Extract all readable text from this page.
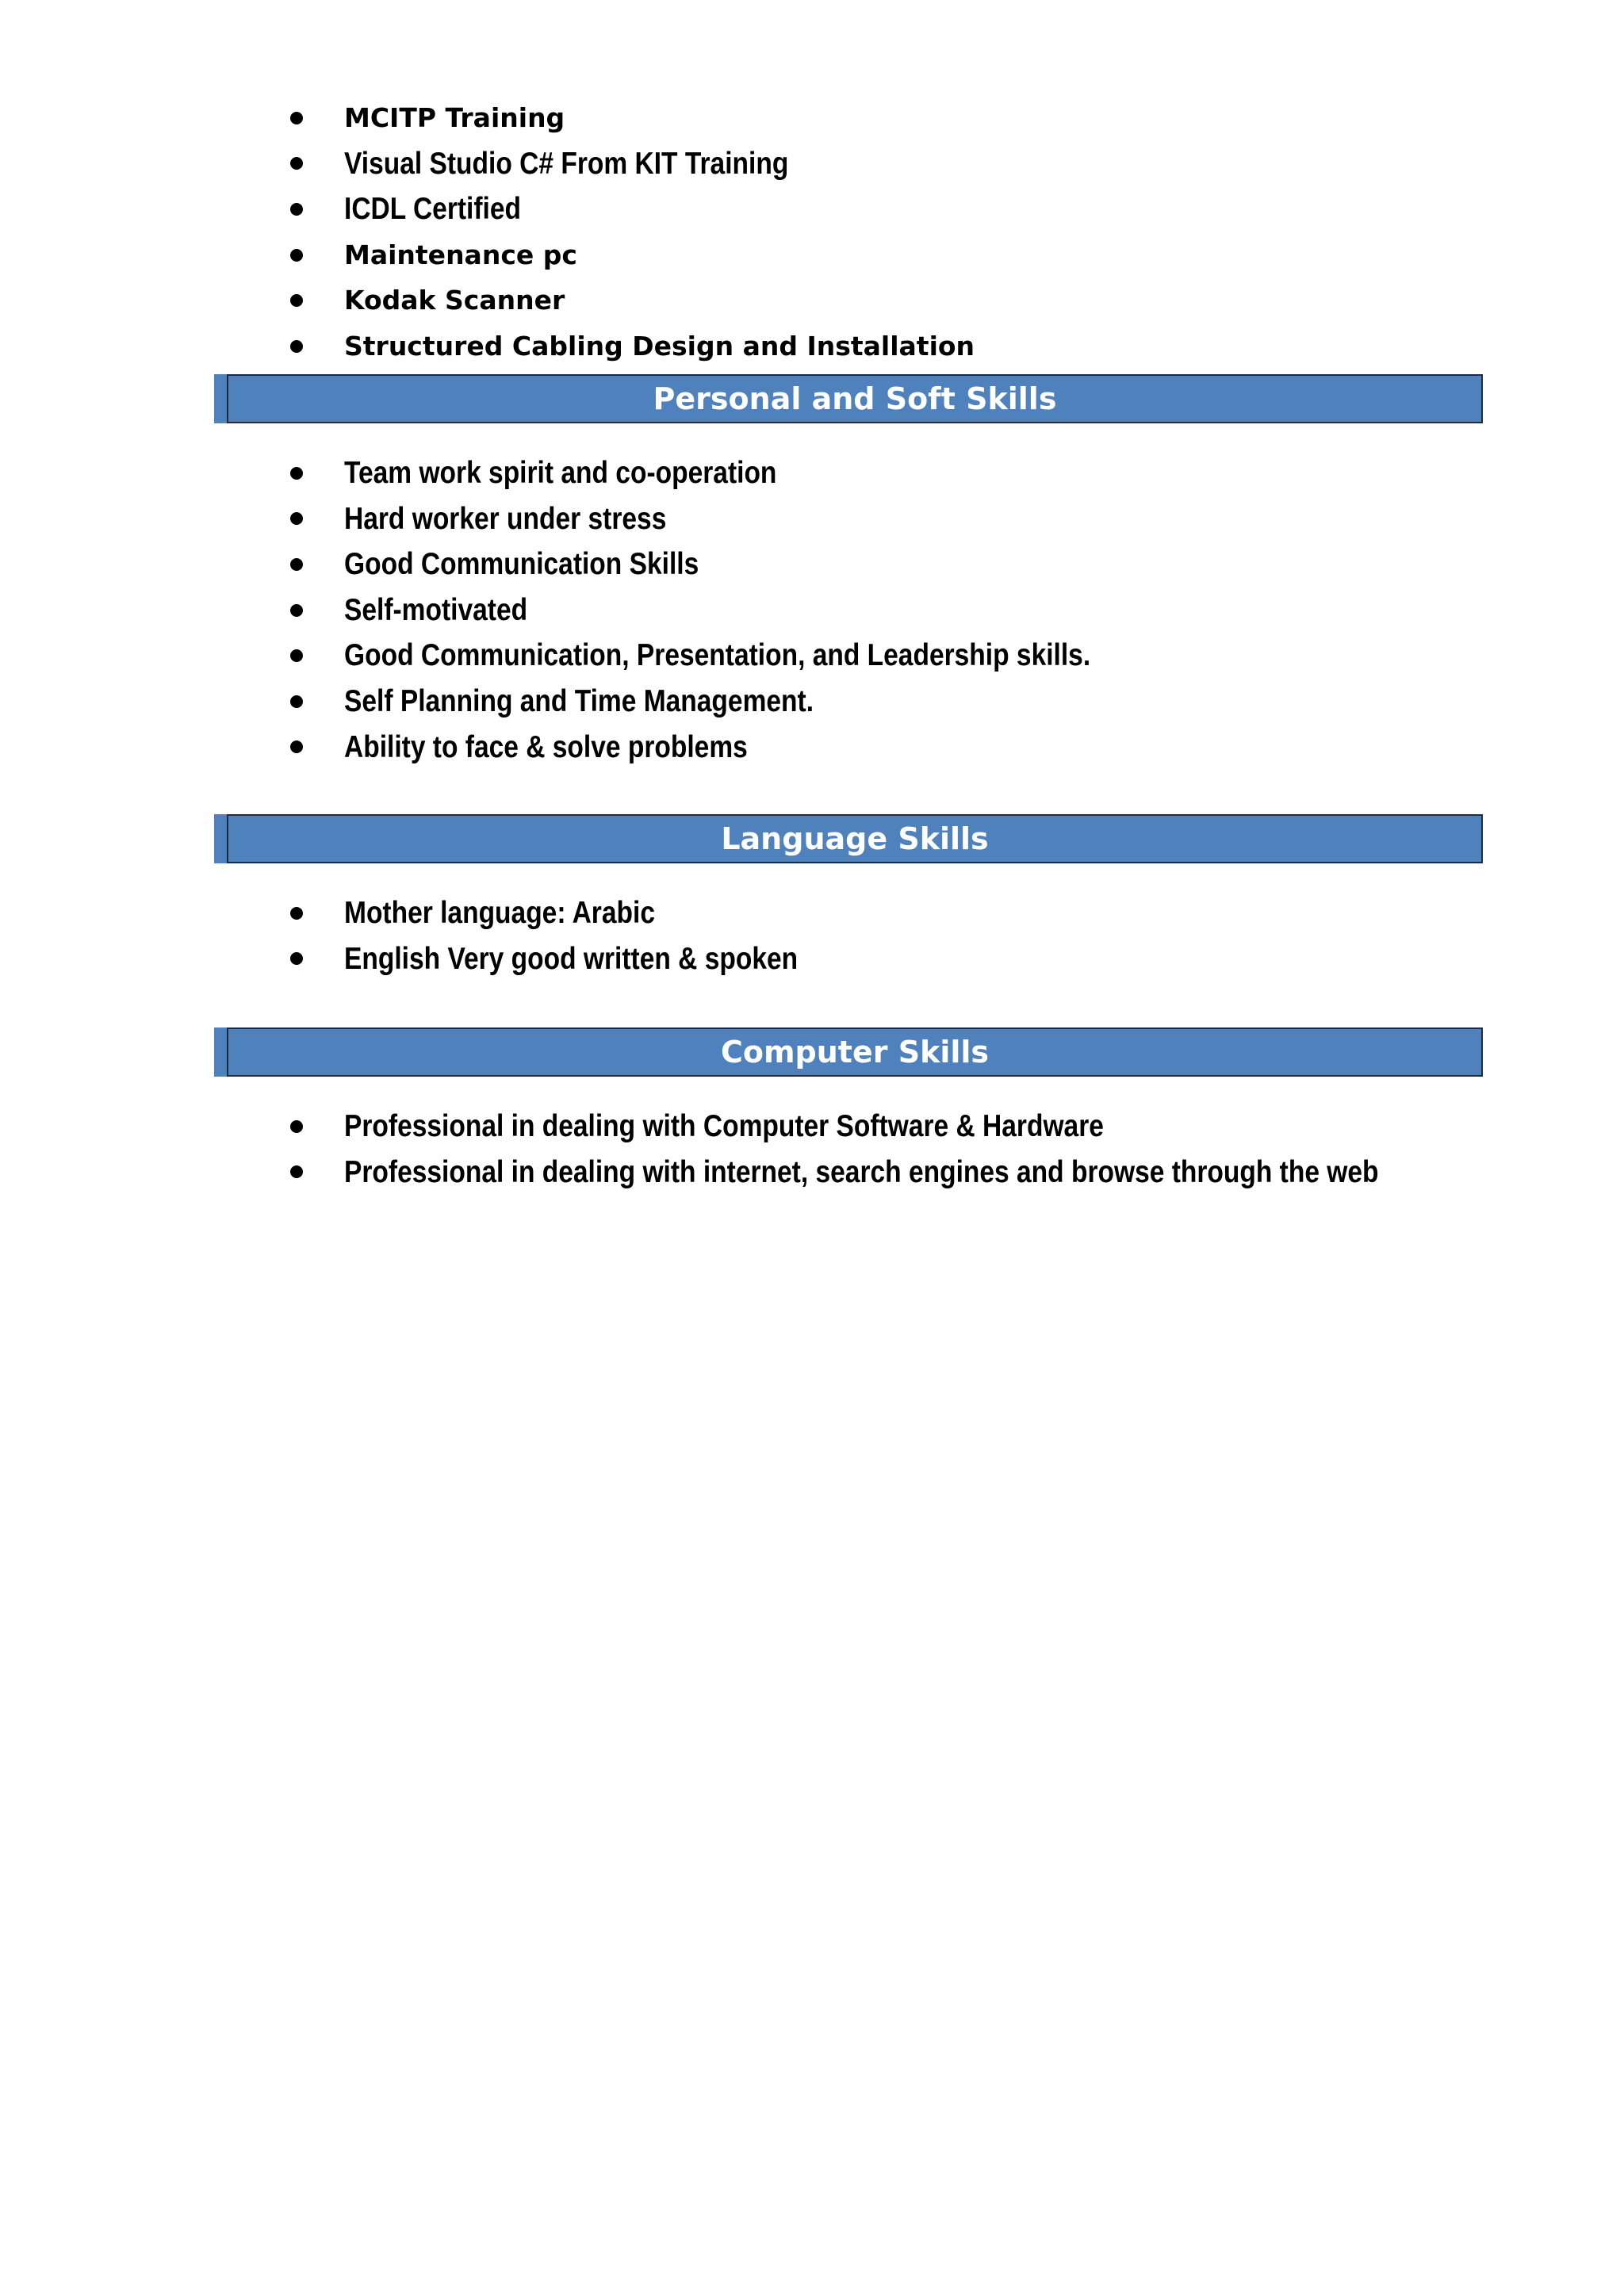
MCITP Training
Visual Studio C# From KIT Training
ICDL Certified
Maintenance pc
Kodak Scanner
Structured Cabling Design and Installation
Personal and Soft Skills
Team work spirit and co-operation
Hard worker under stress
Good Communication Skills
Self-motivated
Good Communication, Presentation, and Leadership skills.
Self Planning and Time Management.
Ability to face & solve problems
Language Skills
Mother language: Arabic
English Very good written & spoken
Computer Skills
Professional in dealing with Computer Software & Hardware
Professional in dealing with internet, search engines and browse through the web
